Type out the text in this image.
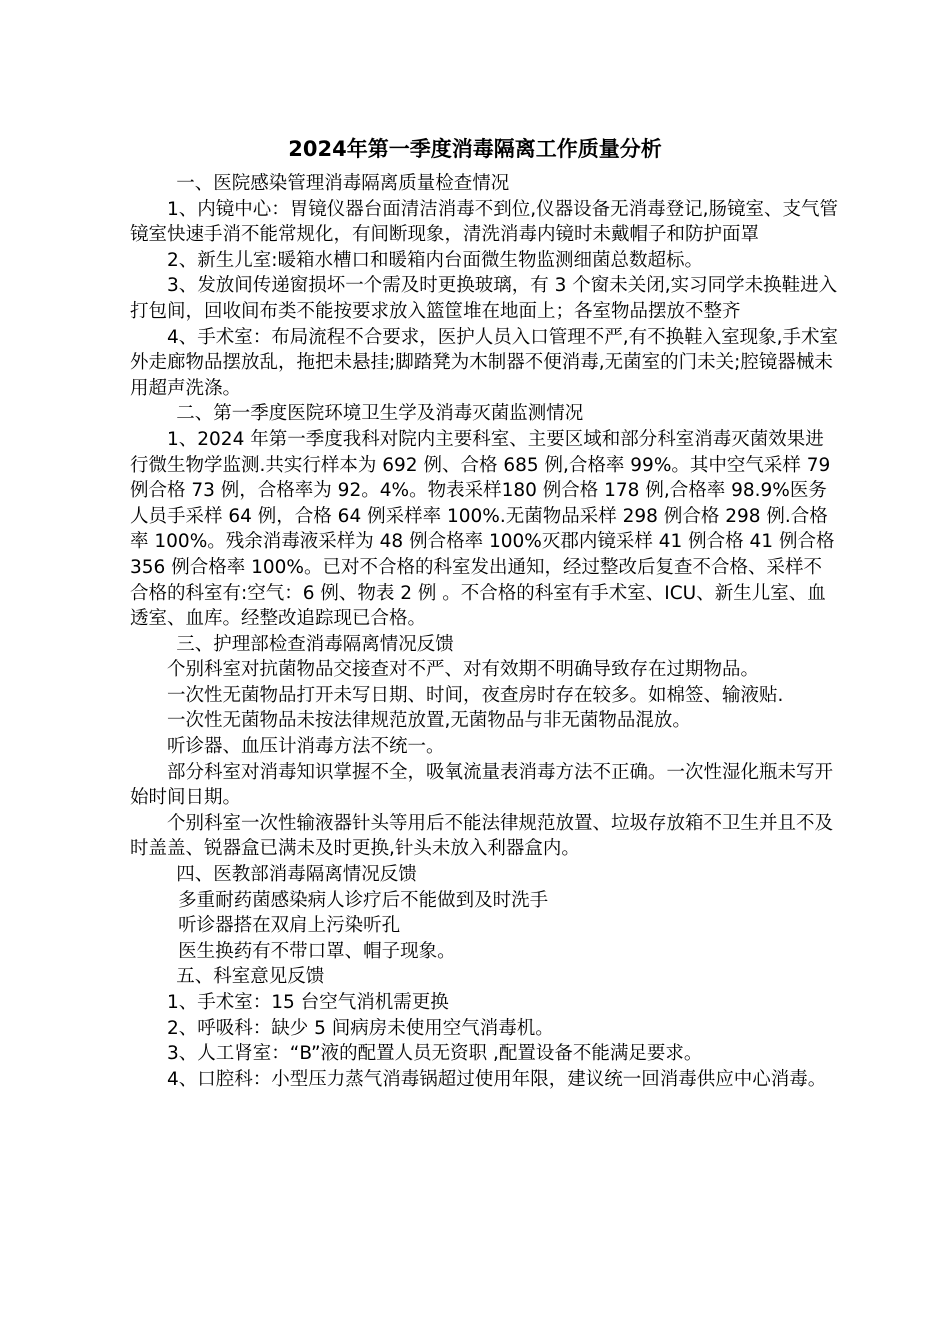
2024年第一季度消毒隔离工作质量分析

一、医院感染管理消毒隔离质量检查情况

1、内镜中心：胃镜仪器台面清洁消毒不到位,仪器设备无消毒登记,肠镜室、支气管镜室快速手消不能常规化，有间断现象，清洗消毒内镜时未戴帽子和防护面罩

2、新生儿室:暖箱水槽口和暖箱内台面微生物监测细菌总数超标。

3、发放间传递窗损坏一个需及时更换玻璃，有 3 个窗未关闭,实习同学未换鞋进入打包间，回收间布类不能按要求放入篮筐堆在地面上；各室物品摆放不整齐

4、手术室：布局流程不合要求，医护人员入口管理不严,有不换鞋入室现象,手术室外走廊物品摆放乱，拖把未悬挂;脚踏凳为木制器不便消毒,无菌室的门未关;腔镜器械未用超声洗涤。

二、第一季度医院环境卫生学及消毒灭菌监测情况

1、2024 年第一季度我科对院内主要科室、主要区域和部分科室消毒灭菌效果进行微生物学监测.共实行样本为 692 例、合格 685 例,合格率 99%。其中空气采样 79 例合格 73 例，合格率为 92。4%。物表采样180 例合格 178 例,合格率 98.9%医务人员手采样 64 例，合格 64 例采样率 100%.无菌物品采样 298 例合格 298 例.合格率 100%。残余消毒液采样为 48 例合格率 100%灭郡内镜采样 41 例合格 41 例合格 356 例合格率 100%。已对不合格的科室发出通知，经过整改后复查不合格、采样不合格的科室有:空气：6 例、物表 2 例 。不合格的科室有手术室、ICU、新生儿室、血透室、血库。经整改追踪现已合格。

三、护理部检查消毒隔离情况反馈

个别科室对抗菌物品交接查对不严、对有效期不明确导致存在过期物品。

一次性无菌物品打开未写日期、时间，夜查房时存在较多。如棉签、输液贴.

一次性无菌物品未按法律规范放置,无菌物品与非无菌物品混放。

听诊器、血压计消毒方法不统一。

部分科室对消毒知识掌握不全，吸氧流量表消毒方法不正确。一次性湿化瓶未写开始时间日期。

个别科室一次性输液器针头等用后不能法律规范放置、垃圾存放箱不卫生并且不及时盖盖、锐器盒已满未及时更换,针头未放入利器盒内。

四、医教部消毒隔离情况反馈

多重耐药菌感染病人诊疗后不能做到及时洗手

听诊器搭在双肩上污染听孔

医生换药有不带口罩、帽子现象。

五、科室意见反馈

1、手术室：15 台空气消机需更换

2、呼吸科：缺少 5 间病房未使用空气消毒机。

3、人工肾室：“B”液的配置人员无资职 ,配置设备不能满足要求。

4、口腔科：小型压力蒸气消毒锅超过使用年限，建议统一回消毒供应中心消毒。
